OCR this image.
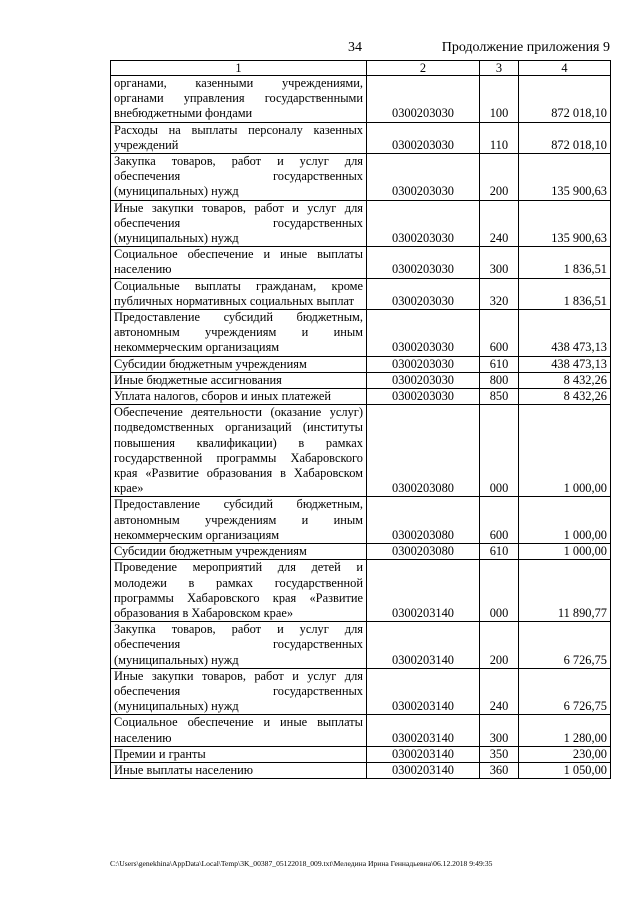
34	Продолжение приложения 9
1	2	3	4
органами, казенными учреждениями, органами управления государственными внебюджетными фондами	0300203030	100	872 018,10
Расходы на выплаты персоналу казенных учреждений	0300203030	110	872 018,10
Закупка товаров, работ и услуг для обеспечения государственных (муниципальных) нужд	0300203030	200	135 900,63
Иные закупки товаров, работ и услуг для обеспечения государственных (муниципальных) нужд	0300203030	240	135 900,63
Социальное обеспечение и иные выплаты населению	0300203030	300	1 836,51
Социальные выплаты гражданам, кроме публичных нормативных социальных выплат	0300203030	320	1 836,51
Предоставление субсидий бюджетным, автономным учреждениям и иным некоммерческим организациям	0300203030	600	438 473,13
Субсидии бюджетным учреждениям	0300203030	610	438 473,13
Иные бюджетные ассигнования	0300203030	800	8 432,26
Уплата налогов, сборов и иных платежей	0300203030	850	8 432,26
Обеспечение деятельности (оказание услуг) подведомственных организаций (институты повышения квалификации) в рамках государственной программы Хабаровского края «Развитие образования в Хабаровском крае»	0300203080	000	1 000,00
Предоставление субсидий бюджетным, автономным учреждениям и иным некоммерческим организациям	0300203080	600	1 000,00
Субсидии бюджетным учреждениям	0300203080	610	1 000,00
Проведение мероприятий для детей и молодежи в рамках государственной программы Хабаровского края «Развитие образования в Хабаровском крае»	0300203140	000	11 890,77
Закупка товаров, работ и услуг для обеспечения государственных (муниципальных) нужд	0300203140	200	6 726,75
Иные закупки товаров, работ и услуг для обеспечения государственных (муниципальных) нужд	0300203140	240	6 726,75
Социальное обеспечение и иные выплаты населению	0300203140	300	1 280,00
Премии и гранты	0300203140	350	230,00
Иные выплаты населению	0300203140	360	1 050,00
C:\Users\genekhina\AppData\Local\Temp\3K_00387_05122018_009.txt\Меледина Ирина Геннадьевна\06.12.2018 9:49:35
